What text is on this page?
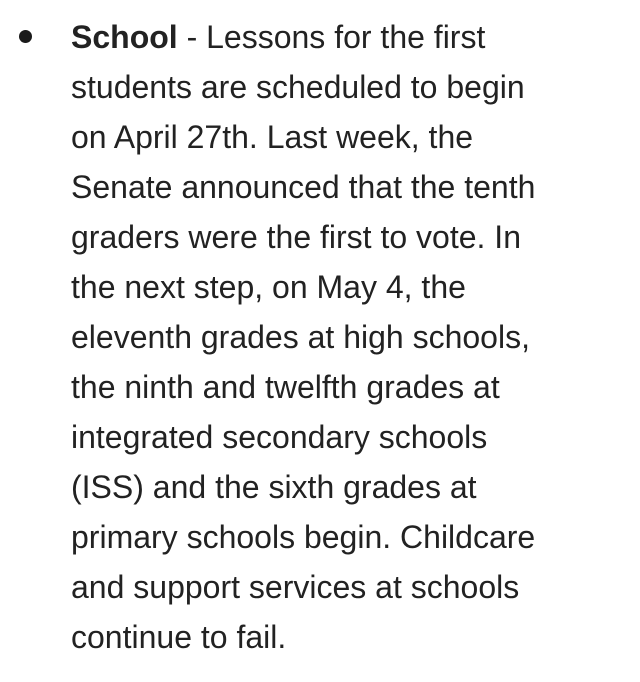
School - Lessons for the first
students are scheduled to begin
on April 27th. Last week, the
Senate announced that the tenth
graders were the first to vote. In
the next step, on May 4, the
eleventh grades at high schools,
the ninth and twelfth grades at
integrated secondary schools
(ISS) and the sixth grades at
primary schools begin. Childcare
and support services at schools
continue to fail.
